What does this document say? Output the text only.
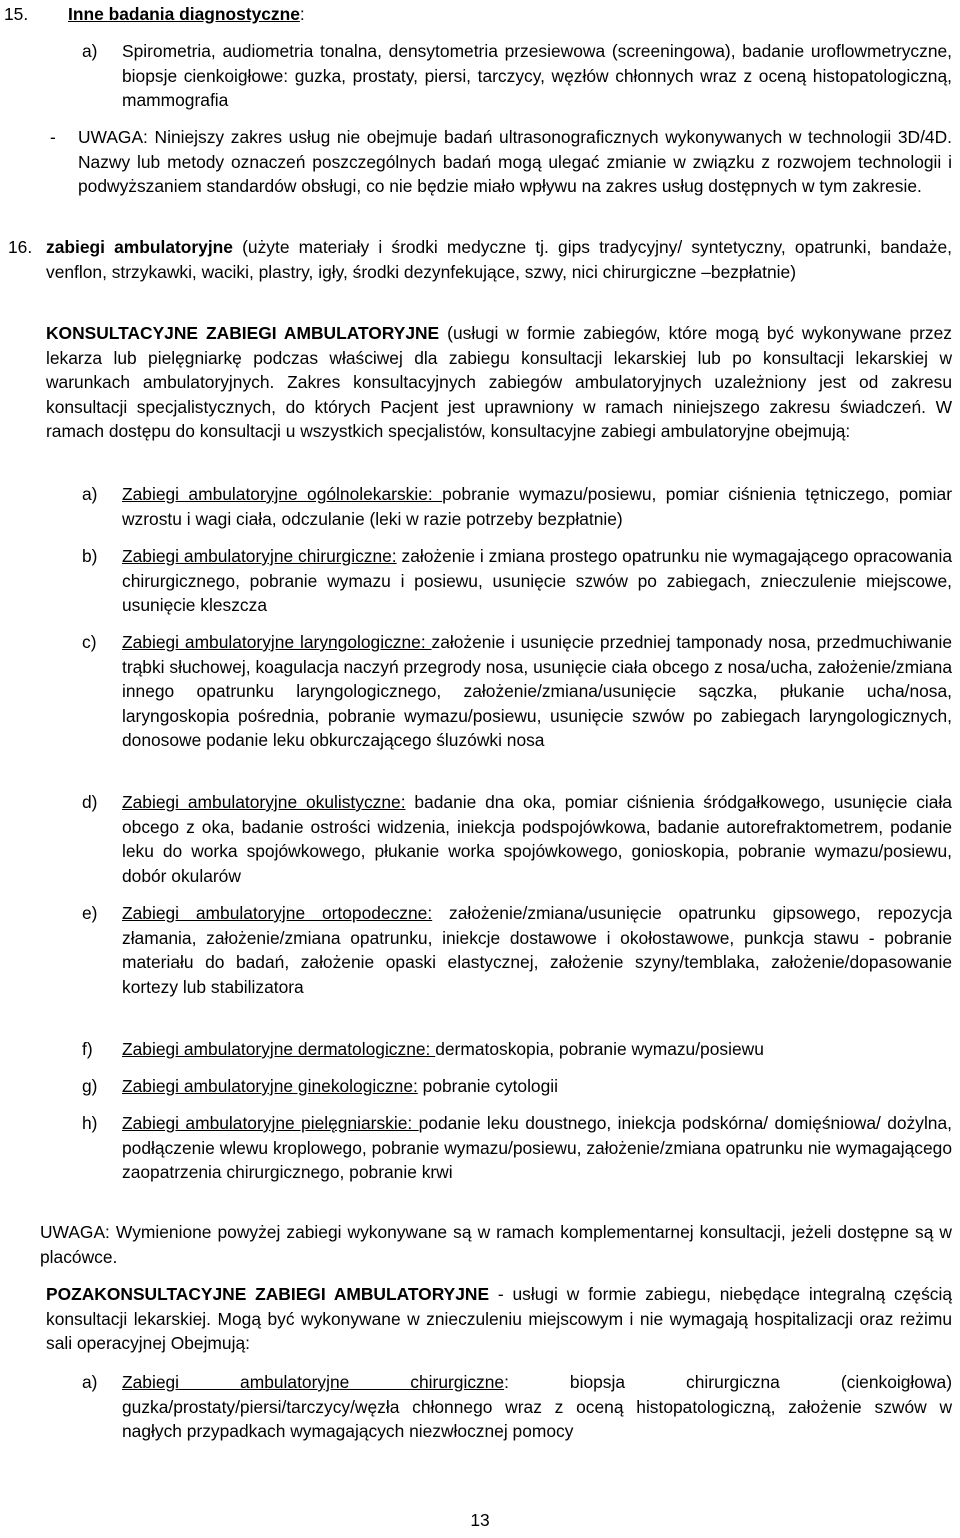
15. Inne badania diagnostyczne:
a) Spirometria, audiometria tonalna, densytometria przesiewowa (screeningowa), badanie uroflowmetryczne, biopsje cienkoigłowe: guzka, prostaty, piersi, tarczycy, węzłów chłonnych wraz z oceną histopatologiczną, mammografia
- UWAGA: Niniejszy zakres usług nie obejmuje badań ultrasonograficznych wykonywanych w technologii 3D/4D. Nazwy lub metody oznaczeń poszczególnych badań mogą ulegać zmianie w związku z rozwojem technologii i podwyższaniem standardów obsługi, co nie będzie miało wpływu na zakres usług dostępnych w tym zakresie.
16. zabiegi ambulatoryjne (użyte materiały i środki medyczne tj. gips tradycyjny/ syntetyczny, opatrunki, bandaże, venflon, strzykawki, waciki, plastry, igły, środki dezynfekujące, szwy, nici chirurgiczne –bezpłatnie)
KONSULTACYJNE ZABIEGI AMBULATORYJNE (usługi w formie zabiegów, które mogą być wykonywane przez lekarza lub pielęgniarkę podczas właściwej dla zabiegu konsultacji lekarskiej lub po konsultacji lekarskiej w warunkach ambulatoryjnych. Zakres konsultacyjnych zabiegów ambulatoryjnych uzależniony jest od zakresu konsultacji specjalistycznych, do których Pacjent jest uprawniony w ramach niniejszego zakresu świadczeń. W ramach dostępu do konsultacji u wszystkich specjalistów, konsultacyjne zabiegi ambulatoryjne obejmują:
a) Zabiegi ambulatoryjne ogólnolekarskie: pobranie wymazu/posiewu, pomiar ciśnienia tętniczego, pomiar wzrostu i wagi ciała, odczulanie (leki w razie potrzeby bezpłatnie)
b) Zabiegi ambulatoryjne chirurgiczne: założenie i zmiana prostego opatrunku nie wymagającego opracowania chirurgicznego, pobranie wymazu i posiewu, usunięcie szwów po zabiegach, znieczulenie miejscowe, usunięcie kleszcza
c) Zabiegi ambulatoryjne laryngologiczne: założenie i usunięcie przedniej tamponady nosa, przedmuchiwanie trąbki słuchowej, koagulacja naczyń przegrody nosa, usunięcie ciała obcego z nosa/ucha, założenie/zmiana innego opatrunku laryngologicznego, założenie/zmiana/usunięcie sączka, płukanie ucha/nosa, laryngoskopia pośrednia, pobranie wymazu/posiewu, usunięcie szwów po zabiegach laryngologicznych, donosowe podanie leku obkurczającego śluzówki nosa
d) Zabiegi ambulatoryjne okulistyczne: badanie dna oka, pomiar ciśnienia śródgałkowego, usunięcie ciała obcego z oka, badanie ostrości widzenia, iniekcja podspojówkowa, badanie autorefraktometrem, podanie leku do worka spojówkowego, płukanie worka spojówkowego, gonioskopia, pobranie wymazu/posiewu, dobór okularów
e) Zabiegi ambulatoryjne ortopodeczne: założenie/zmiana/usunięcie opatrunku gipsowego, repozycja złamania, założenie/zmiana opatrunku, iniekcje dostawowe i okołostawowe, punkcja stawu - pobranie materiału do badań, założenie opaski elastycznej, założenie szyny/temblaka, założenie/dopasowanie kortezy lub stabilizatora
f) Zabiegi ambulatoryjne dermatologiczne: dermatoskopia, pobranie wymazu/posiewu
g) Zabiegi ambulatoryjne ginekologiczne: pobranie cytologii
h) Zabiegi ambulatoryjne pielęgniarskie: podanie leku doustnego, iniekcja podskórna/ domięśniowa/ dożylna, podłączenie wlewu kroplowego, pobranie wymazu/posiewu, założenie/zmiana opatrunku nie wymagającego zaopatrzenia chirurgicznego, pobranie krwi
UWAGA: Wymienione powyżej zabiegi wykonywane są w ramach komplementarnej konsultacji, jeżeli dostępne są w placówce.
POZAKONSULTACYJNE ZABIEGI AMBULATORYJNE - usługi w formie zabiegu, niebędące integralną częścią konsultacji lekarskiej. Mogą być wykonywane w znieczuleniu miejscowym i nie wymagają hospitalizacji oraz reżimu sali operacyjnej Obejmują:
a) Zabiegi ambulatoryjne chirurgiczne: biopsja chirurgiczna (cienkoigłowa) guzka/prostaty/piersi/tarczycy/węzła chłonnego wraz z oceną histopatologiczną, założenie szwów w nagłych przypadkach wymagających niezwłocznej pomocy
13
